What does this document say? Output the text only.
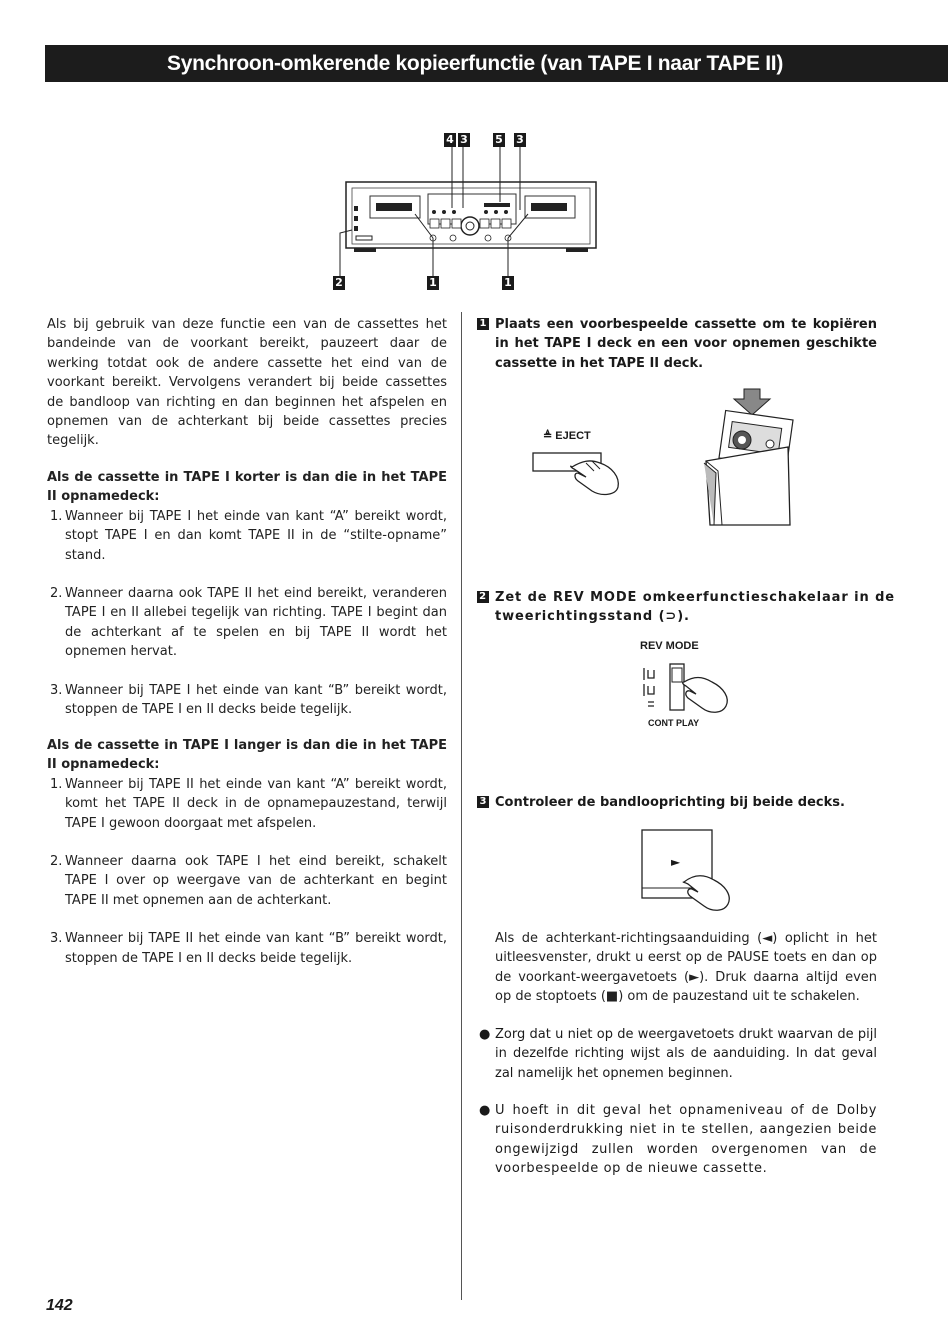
Synchroon-omkerende kopieerfunctie (van TAPE I naar TAPE II)
4 3 5 3
2	1	1

Als bij gebruik van deze functie een van de cassettes het bandeinde van de voorkant bereikt, pauzeert daar de werking totdat ook de andere cassette het eind van de voorkant bereikt. Vervolgens verandert bij beide cassettes de bandloop van richting en dan beginnen het afspelen en opnemen van de achterkant bij beide cassettes precies tegelijk.

Als de cassette in TAPE I korter is dan die in het TAPE II opnamedeck:

1. Wanneer bij TAPE I het einde van kant “A” bereikt wordt, stopt TAPE I en dan komt TAPE II in de “stilte-opname” stand.

2. Wanneer daarna ook TAPE II het eind bereikt, veranderen TAPE I en II allebei tegelijk van richting. TAPE I begint dan de achterkant af te spelen en bij TAPE II wordt het opnemen hervat.

3. Wanneer bij TAPE I het einde van kant “B” bereikt wordt, stoppen de TAPE I en II decks beide tegelijk.

Als de cassette in TAPE I langer is dan die in het TAPE II opnamedeck:

1. Wanneer bij TAPE II het einde van kant “A” bereikt wordt, komt het TAPE II deck in de opnamepauzestand, terwijl TAPE I gewoon doorgaat met afspelen.

2. Wanneer daarna ook TAPE I het eind bereikt, schakelt TAPE I over op weergave van de achterkant en begint TAPE II met opnemen aan de achterkant.

3. Wanneer bij TAPE II het einde van kant “B” bereikt wordt, stoppen de TAPE I en II decks beide tegelijk.

1 Plaats een voorbespeelde cassette om te kopiëren in het TAPE I deck en een voor opnemen geschikte cassette in het TAPE II deck.
≜ EJECT
2 Zet de REV MODE omkeerfunctieschakelaar in de tweerichtingsstand (⊃).
REV MODE
CONT PLAY
3 Controleer de bandlooprichting bij beide decks.
►

Als de achterkant-richtingsaanduiding (◄) oplicht in het uitleesvenster, drukt u eerst op de PAUSE toets en dan op de voorkant-weergavetoets (►). Druk daarna altijd even op de stoptoets (■) om de pauzestand uit te schakelen.

● Zorg dat u niet op de weergavetoets drukt waarvan de pijl in dezelfde richting wijst als de aanduiding. In dat geval zal namelijk het opnemen beginnen.
● U hoeft in dit geval het opnameniveau of de Dolby ruisonderdrukking niet in te stellen, aangezien beide ongewijzigd zullen worden overgenomen van de voorbespeelde op de nieuwe cassette.
142
